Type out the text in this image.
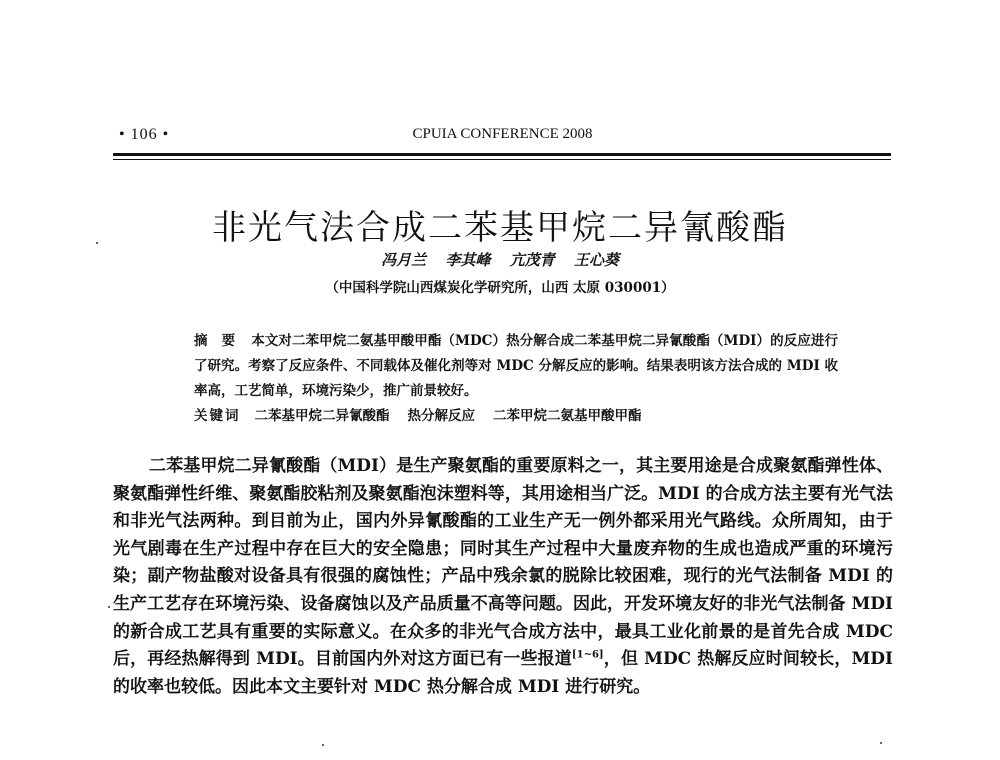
• 106 •	CPUIA CONFERENCE 2008
非光气法合成二苯基甲烷二异氰酸酯
冯月兰 李其峰 亢茂青 王心葵
（中国科学院山西煤炭化学研究所，山西 太原 030001）

摘要 本文对二苯甲烷二氨基甲酸甲酯（MDC）热分解合成二苯基甲烷二异氰酸酯（MDI）的反应进行了研究。考察了反应条件、不同载体及催化剂等对 MDC 分解反应的影响。结果表明该方法合成的 MDI 收率高，工艺简单，环境污染少，推广前景较好。

关键词 二苯基甲烷二异氰酸酯 热分解反应 二苯甲烷二氨基甲酸甲酯

二苯基甲烷二异氰酸酯（MDI）是生产聚氨酯的重要原料之一，其主要用途是合成聚氨酯弹性体、聚氨酯弹性纤维、聚氨酯胶粘剂及聚氨酯泡沫塑料等，其用途相当广泛。MDI 的合成方法主要有光气法和非光气法两种。到目前为止，国内外异氰酸酯的工业生产无一例外都采用光气路线。众所周知，由于光气剧毒在生产过程中存在巨大的安全隐患；同时其生产过程中大量废弃物的生成也造成严重的环境污染；副产物盐酸对设备具有很强的腐蚀性；产品中残余氯的脱除比较困难，现行的光气法制备 MDI 的生产工艺存在环境污染、设备腐蚀以及产品质量不高等问题。因此，开发环境友好的非光气法制备 MDI 的新合成工艺具有重要的实际意义。在众多的非光气合成方法中，最具工业化前景的是首先合成 MDC 后，再经热解得到 MDI。目前国内外对这方面已有一些报道[1~6]，但 MDC 热解反应时间较长，MDI 的收率也较低。因此本文主要针对 MDC 热分解合成 MDI 进行研究。
